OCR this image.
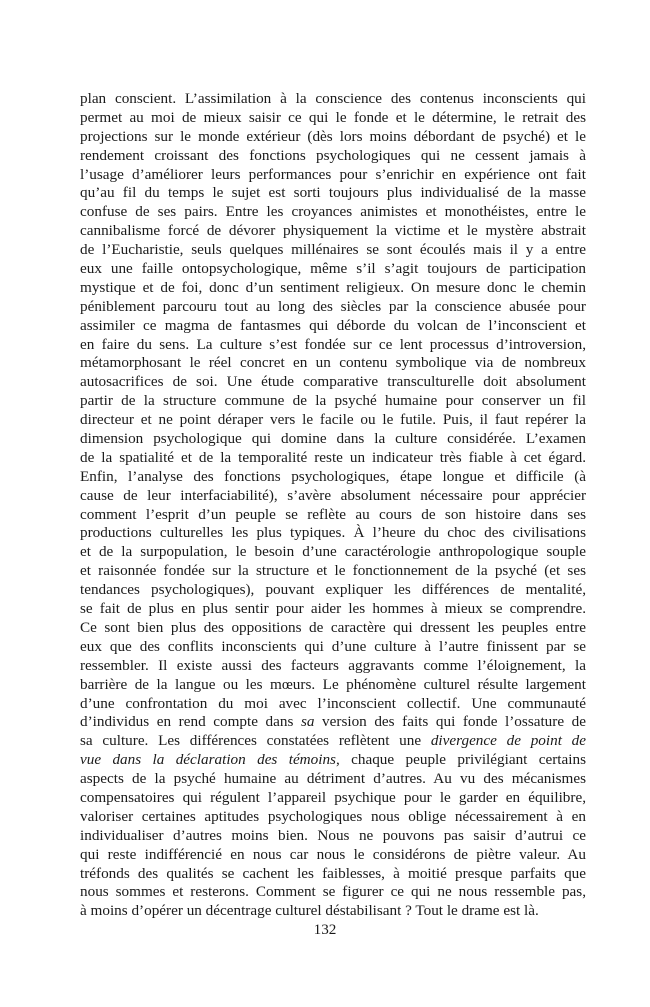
plan conscient. L’assimilation à la conscience des contenus inconscients qui
permet au moi de mieux saisir ce qui le fonde et le détermine, le retrait des
projections sur le monde extérieur (dès lors moins débordant de psyché) et le
rendement croissant des fonctions psychologiques qui ne cessent jamais à
l’usage d’améliorer leurs performances pour s’enrichir en expérience ont fait
qu’au fil du temps le sujet est sorti toujours plus individualisé de la masse
confuse de ses pairs. Entre les croyances animistes et monothéistes, entre le
cannibalisme forcé de dévorer physiquement la victime et le mystère abstrait
de l’Eucharistie, seuls quelques millénaires se sont écoulés mais il y a entre
eux une faille ontopsychologique, même s’il s’agit toujours de participation
mystique et de foi, donc d’un sentiment religieux. On mesure donc le chemin
péniblement parcouru tout au long des siècles par la conscience abusée pour
assimiler ce magma de fantasmes qui déborde du volcan de l’inconscient et
en faire du sens. La culture s’est fondée sur ce lent processus d’introversion,
métamorphosant le réel concret en un contenu symbolique via de nombreux
autosacrifices de soi. Une étude comparative transculturelle doit absolument
partir de la structure commune de la psyché humaine pour conserver un fil
directeur et ne point déraper vers le facile ou le futile. Puis, il faut repérer la
dimension psychologique qui domine dans la culture considérée. L’examen
de la spatialité et de la temporalité reste un indicateur très fiable à cet égard.
Enfin, l’analyse des fonctions psychologiques, étape longue et difficile (à
cause de leur interfaciabilité), s’avère absolument nécessaire pour apprécier
comment l’esprit d’un peuple se reflète au cours de son histoire dans ses
productions culturelles les plus typiques. À l’heure du choc des civilisations
et de la surpopulation, le besoin d’une caractérologie anthropologique souple
et raisonnée fondée sur la structure et le fonctionnement de la psyché (et ses
tendances psychologiques), pouvant expliquer les différences de mentalité,
se fait de plus en plus sentir pour aider les hommes à mieux se comprendre.
Ce sont bien plus des oppositions de caractère qui dressent les peuples entre
eux que des conflits inconscients qui d’une culture à l’autre finissent par se
ressembler. Il existe aussi des facteurs aggravants comme l’éloignement, la
barrière de la langue ou les mœurs. Le phénomène culturel résulte largement
d’une confrontation du moi avec l’inconscient collectif. Une communauté
d’individus en rend compte dans sa version des faits qui fonde l’ossature de
sa culture. Les différences constatées reflètent une divergence de point de
vue dans la déclaration des témoins, chaque peuple privilégiant certains
aspects de la psyché humaine au détriment d’autres. Au vu des mécanismes
compensatoires qui régulent l’appareil psychique pour le garder en équilibre,
valoriser certaines aptitudes psychologiques nous oblige nécessairement à en
individualiser d’autres moins bien. Nous ne pouvons pas saisir d’autrui ce
qui reste indifférencié en nous car nous le considérons de piètre valeur. Au
tréfonds des qualités se cachent les faiblesses, à moitié presque parfaits que
nous sommes et resterons. Comment se figurer ce qui ne nous ressemble pas,
à moins d’opérer un décentrage culturel déstabilisant ? Tout le drame est là.
132
